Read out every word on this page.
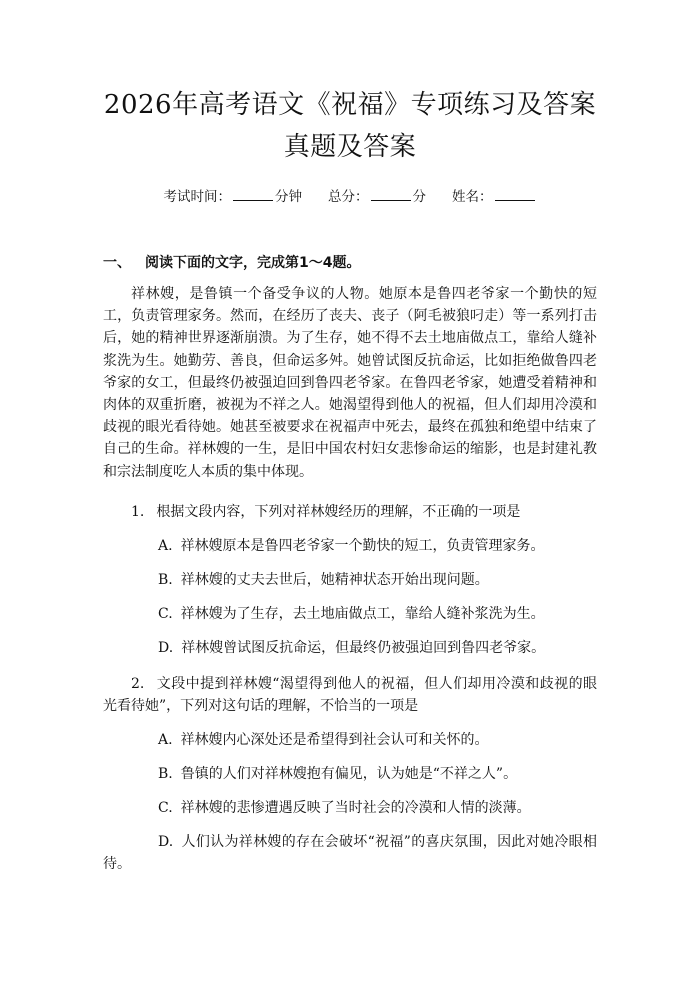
2026年高考语文《祝福》专项练习及答案真题及答案
考试时间：	分钟 总分：	分 姓名：
一、 阅读下面的文字，完成第1～4题。

祥林嫂，是鲁镇一个备受争议的人物。她原本是鲁四老爷家一个勤快的短工，负责管理家务。然而，在经历了丧夫、丧子（阿毛被狼叼走）等一系列打击后，她的精神世界逐渐崩溃。为了生存，她不得不去土地庙做点工，靠给人缝补浆洗为生。她勤劳、善良，但命运多舛。她曾试图反抗命运，比如拒绝做鲁四老爷家的女工，但最终仍被强迫回到鲁四老爷家。在鲁四老爷家，她遭受着精神和肉体的双重折磨，被视为不祥之人。她渴望得到他人的祝福，但人们却用冷漠和歧视的眼光看待她。她甚至被要求在祝福声中死去，最终在孤独和绝望中结束了自己的生命。祥林嫂的一生，是旧中国农村妇女悲惨命运的缩影，也是封建礼教和宗法制度吃人本质的集中体现。

1. 根据文段内容，下列对祥林嫂经历的理解，不正确的一项是
A. 祥林嫂原本是鲁四老爷家一个勤快的短工，负责管理家务。
B. 祥林嫂的丈夫去世后，她精神状态开始出现问题。
C. 祥林嫂为了生存，去土地庙做点工，靠给人缝补浆洗为生。
D. 祥林嫂曾试图反抗命运，但最终仍被强迫回到鲁四老爷家。
2. 文段中提到祥林嫂“渴望得到他人的祝福，但人们却用冷漠和歧视的眼光看待她”，下列对这句话的理解，不恰当的一项是
A. 祥林嫂内心深处还是希望得到社会认可和关怀的。
B. 鲁镇的人们对祥林嫂抱有偏见，认为她是“不祥之人”。
C. 祥林嫂的悲惨遭遇反映了当时社会的冷漠和人情的淡薄。
D. 人们认为祥林嫂的存在会破坏“祝福”的喜庆氛围，因此对她冷眼相待。
